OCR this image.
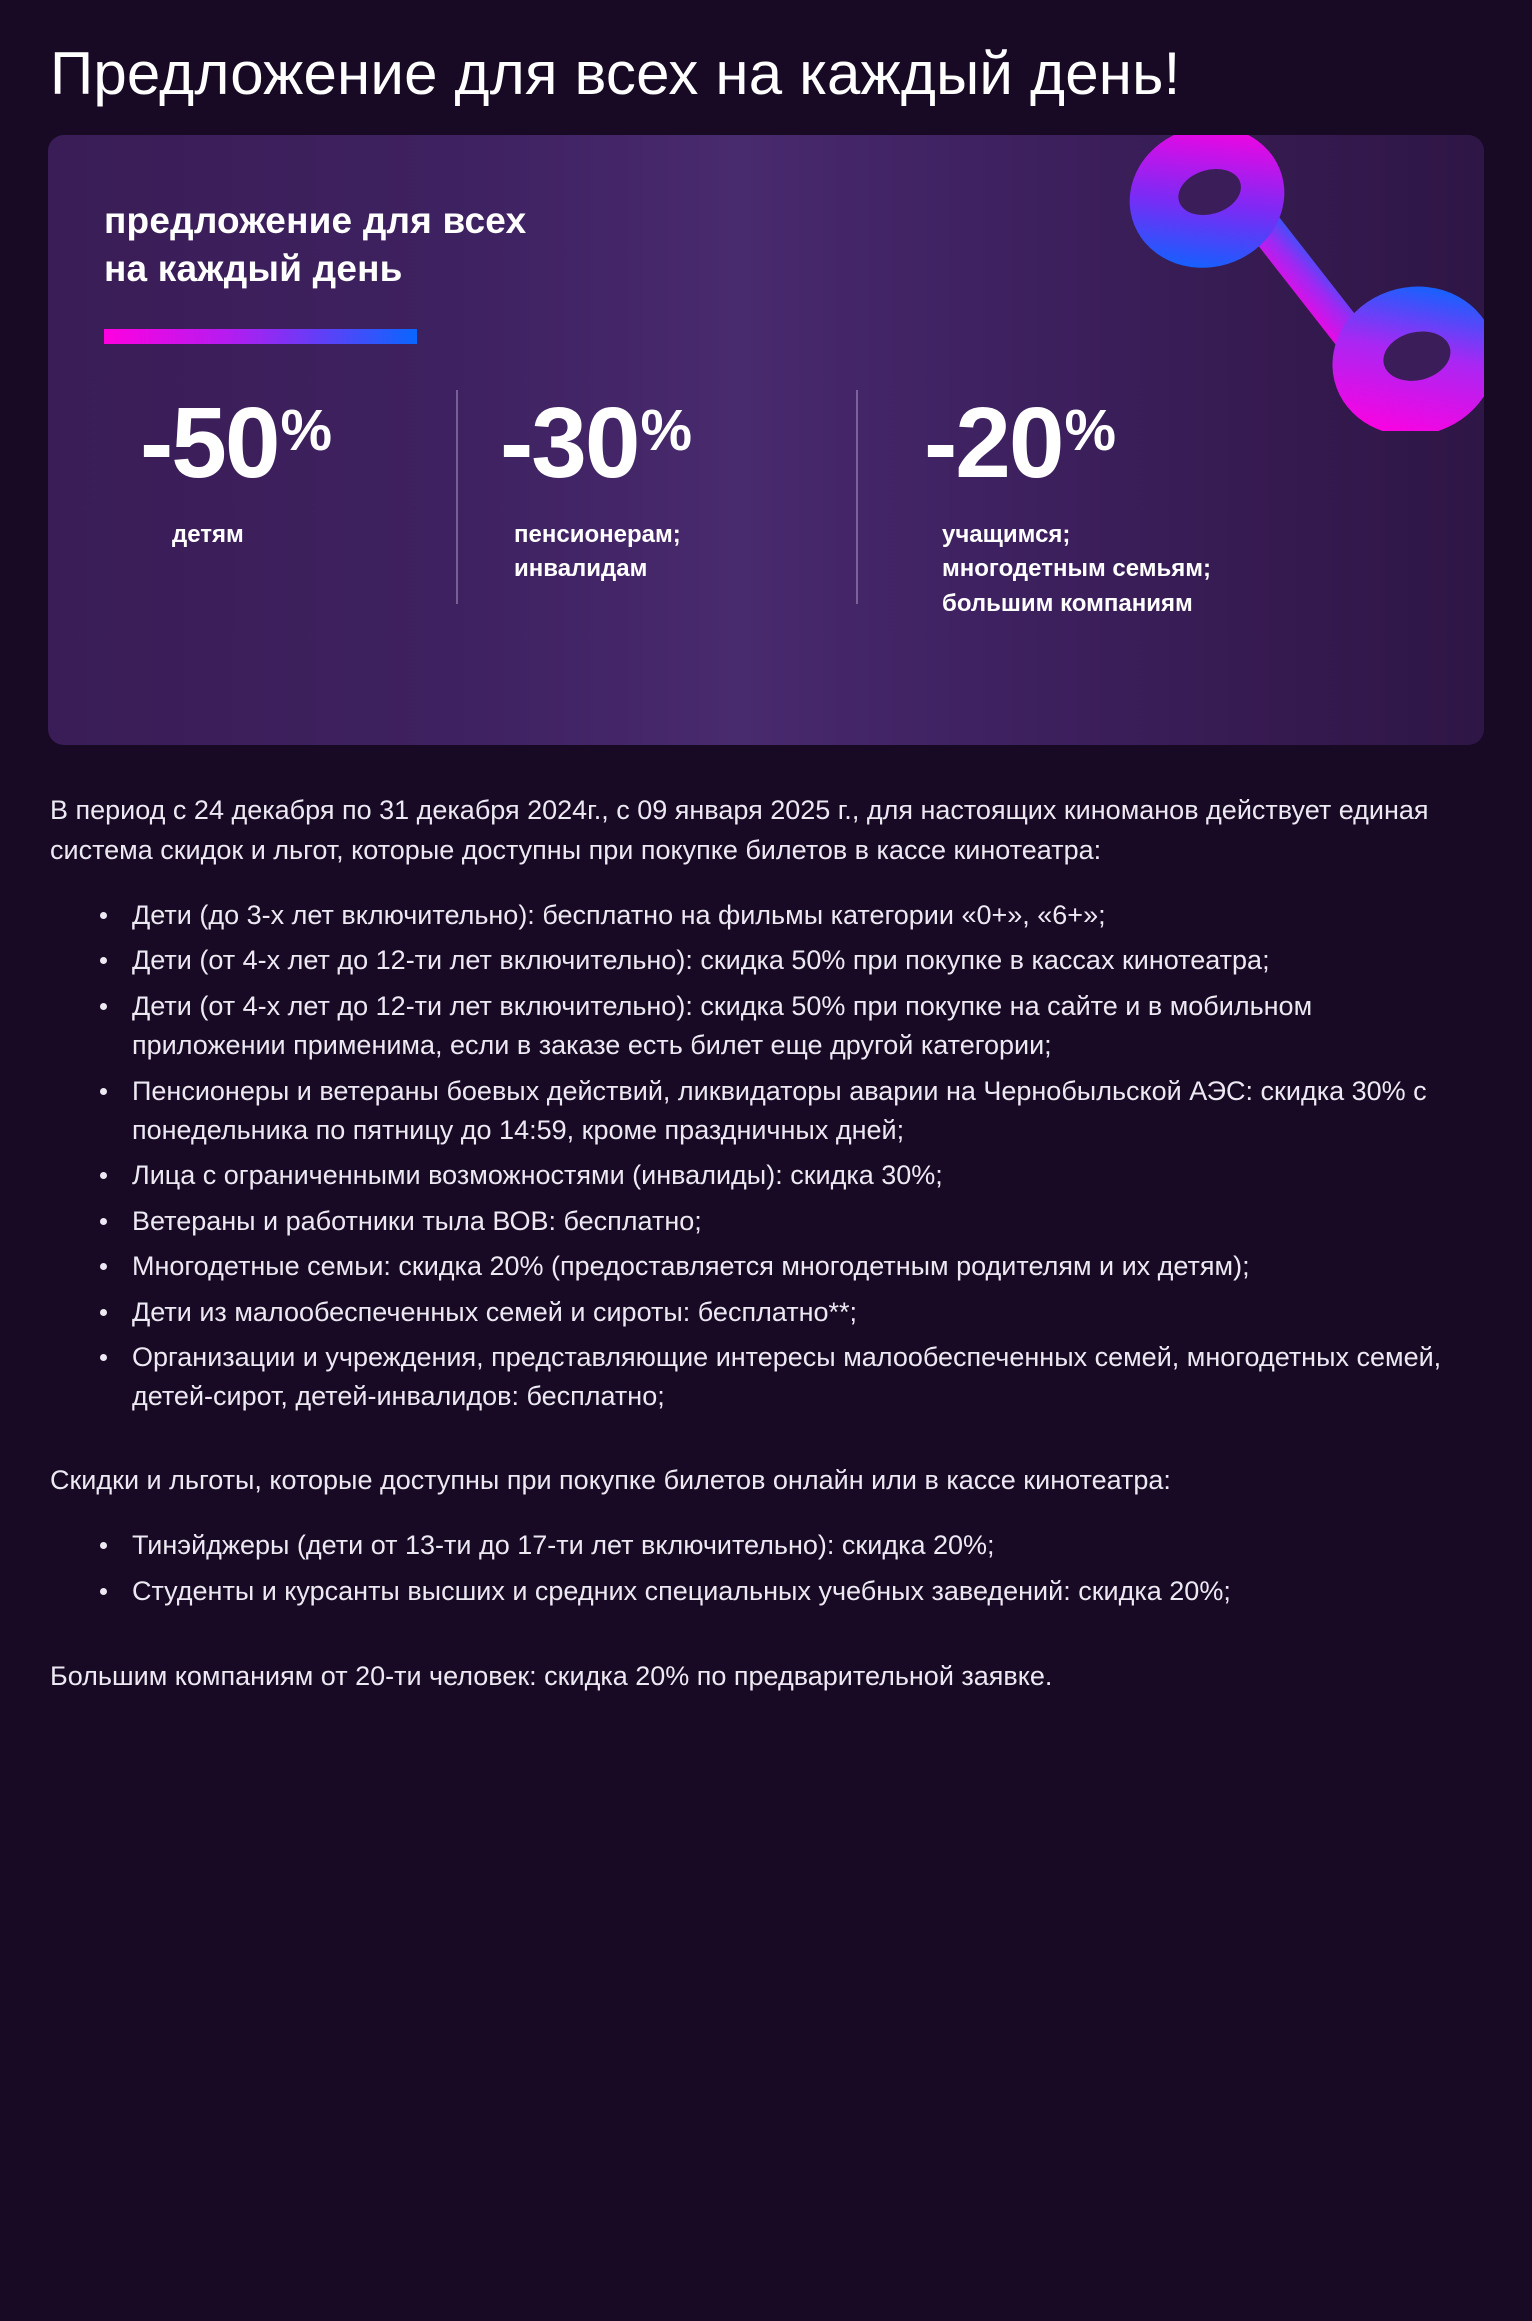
Предложение для всех на каждый день!
предложение для всех
на каждый день
-50 %
детям
-30 %
пенсионерам;
инвалидам
-20 %
учащимся;
многодетным семьям;
большим компаниям

В период с 24 декабря по 31 декабря 2024г., с 09 января 2025 г., для настоящих киноманов действует единая система скидок и льгот, которые доступны при покупке билетов в кассе кинотеатра:

Дети (до 3-х лет включительно): бесплатно на фильмы категории «0+», «6+»;
Дети (от 4-х лет до 12-ти лет включительно): скидка 50% при покупке в кассах кинотеатра;
Дети (от 4-х лет до 12-ти лет включительно): скидка 50% при покупке на сайте и в мобильном приложении применима, если в заказе есть билет еще другой категории;
Пенсионеры и ветераны боевых действий, ликвидаторы аварии на Чернобыльской АЭС: скидка 30% с понедельника по пятницу до 14:59, кроме праздничных дней;
Лица с ограниченными возможностями (инвалиды): скидка 30%;
Ветераны и работники тыла ВОВ: бесплатно;
Многодетные семьи: скидка 20% (предоставляется многодетным родителям и их детям);
Дети из малообеспеченных семей и сироты: бесплатно**;
Организации и учреждения, представляющие интересы малообеспеченных семей, многодетных семей, детей-сирот, детей-инвалидов: бесплатно;

Скидки и льготы, которые доступны при покупке билетов онлайн или в кассе кинотеатра:

Тинэйджеры (дети от 13-ти до 17-ти лет включительно): скидка 20%;
Студенты и курсанты высших и средних специальных учебных заведений: скидка 20%;

Большим компаниям от 20-ти человек: скидка 20% по предварительной заявке.
